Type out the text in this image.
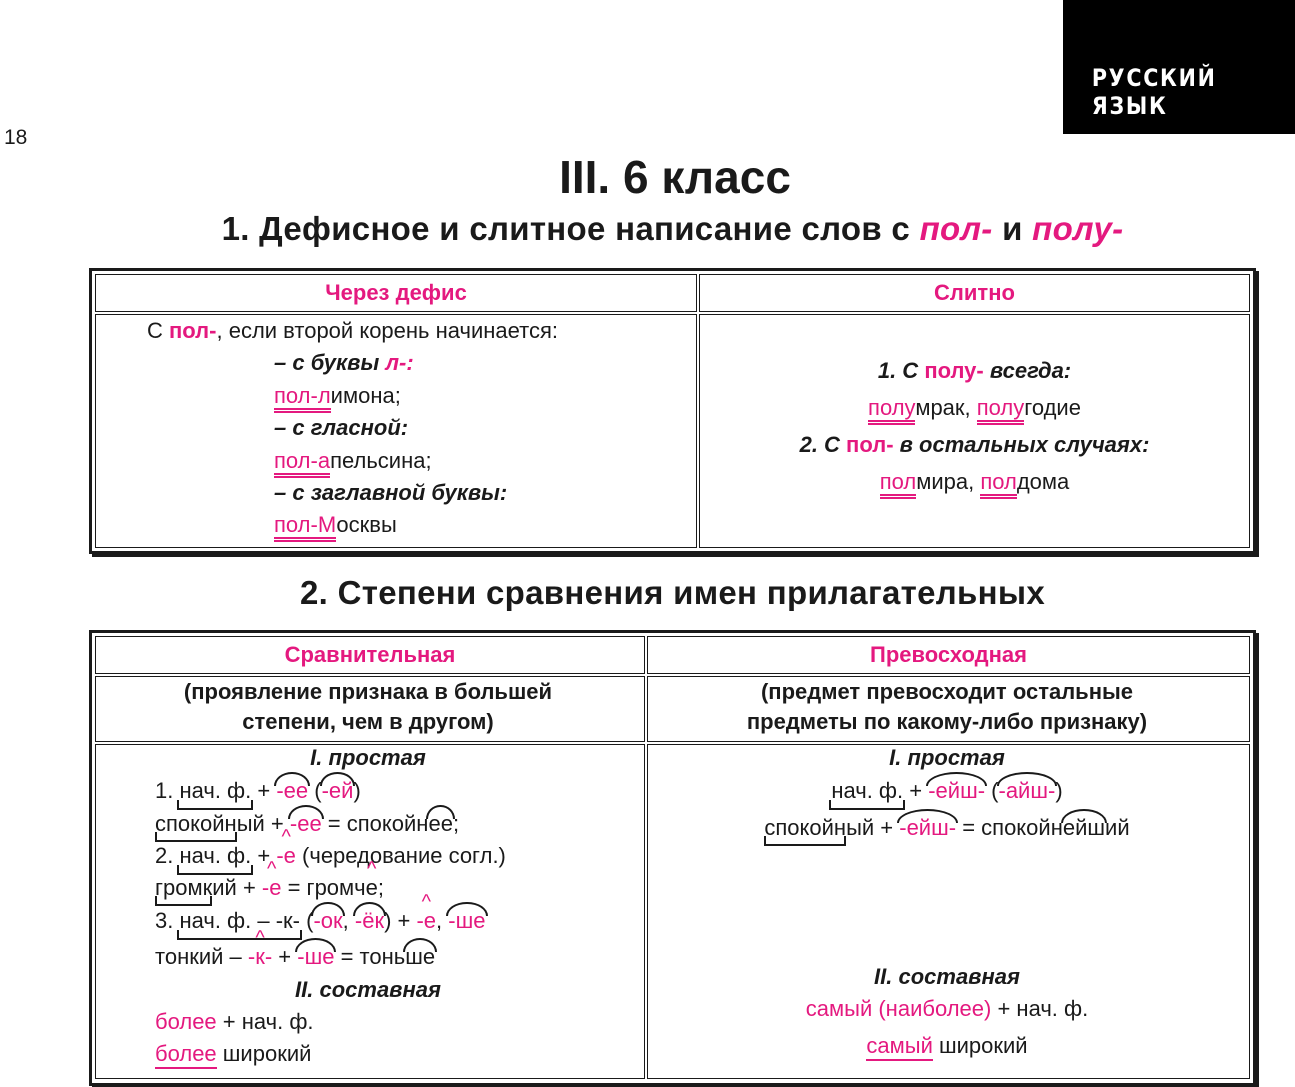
РУССКИЙ ЯЗЫК
18
III. 6 класс
1. Дефисное и слитное написание слов с пол- и полу-
Через дефис	Слитно
С пол-, если второй корень начинается:
– с буквы л-:
пол-лимона;
– с гласной:
пол-апельсина;
– с заглавной буквы:
пол-Москвы
1. С полу- всегда:
полумрак, полугодие
2. С пол- в остальных случаях:
полмира, полдома
2. Степени сравнения имен прилагательных
Сравнительная	Превосходная
(проявление признака в большей
степени, чем в другом)
(предмет превосходит остальные
предметы по какому-либо признаку)
I. простая
1. нач. ф. + -ее (-ей)
спокойный + -ее = спокойнее;
2. нач. ф. + ^ -е (чередование согл.)
громкий + ^ -е = громч^ е;
3. нач. ф. – -к- (-ок, -ёк) + ^ -е, -ше
тонкий – ^ -к- + -ше = тоньше
II. составная
более + нач. ф.
более широкий
I. простая
нач. ф. + -ейш- (-айш-)
спокойный + -ейш- = спокойнейший
II. составная
самый (наиболее) + нач. ф.
самый широкий
